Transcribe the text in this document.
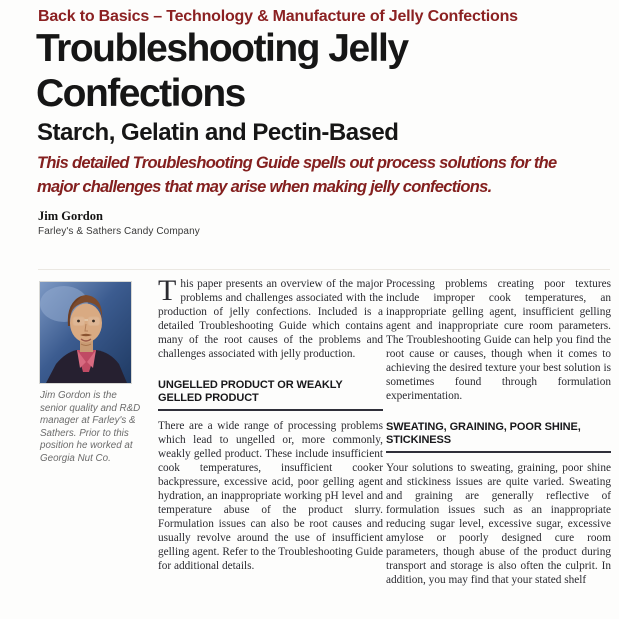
Back to Basics – Technology & Manufacture of Jelly Confections
Troubleshooting Jelly Confections
Starch, Gelatin and Pectin-Based

This detailed Troubleshooting Guide spells out process solutions for the major challenges that may arise when making jelly confections.

Jim Gordon
Farley's & Sathers Candy Company
Jim Gordon is the senior quality and R&D manager at Farley's & Sathers. Prior to this position he worked at Georgia Nut Co.

This paper presents an overview of the major problems and challenges associated with the production of jelly confections. Included is a detailed Troubleshooting Guide which contains many of the root causes of the problems and challenges associated with jelly production.

UNGELLED PRODUCT OR WEAKLY GELLED PRODUCT

There are a wide range of processing problems which lead to ungelled or, more commonly, weakly gelled product. These include insufficient cook temperatures, insufficient cooker backpressure, excessive acid, poor gelling agent hydration, an inappropriate working pH level and temperature abuse of the product slurry. Formulation issues can also be root causes and usually revolve around the use of insufficient gelling agent. Refer to the Troubleshooting Guide for additional details.

Processing problems creating poor textures include improper cook temperatures, an inappropriate gelling agent, insufficient gelling agent and inappropriate cure room parameters. The Troubleshooting Guide can help you find the root cause or causes, though when it comes to achieving the desired texture your best solution is sometimes found through formulation experimentation.

SWEATING, GRAINING, POOR SHINE, STICKINESS

Your solutions to sweating, graining, poor shine and stickiness issues are quite varied. Sweating and graining are generally reflective of formulation issues such as an inappropriate reducing sugar level, excessive sugar, excessive amylose or poorly designed cure room parameters, though abuse of the product during transport and storage is also often the culprit. In addition, you may find that your stated shelf
